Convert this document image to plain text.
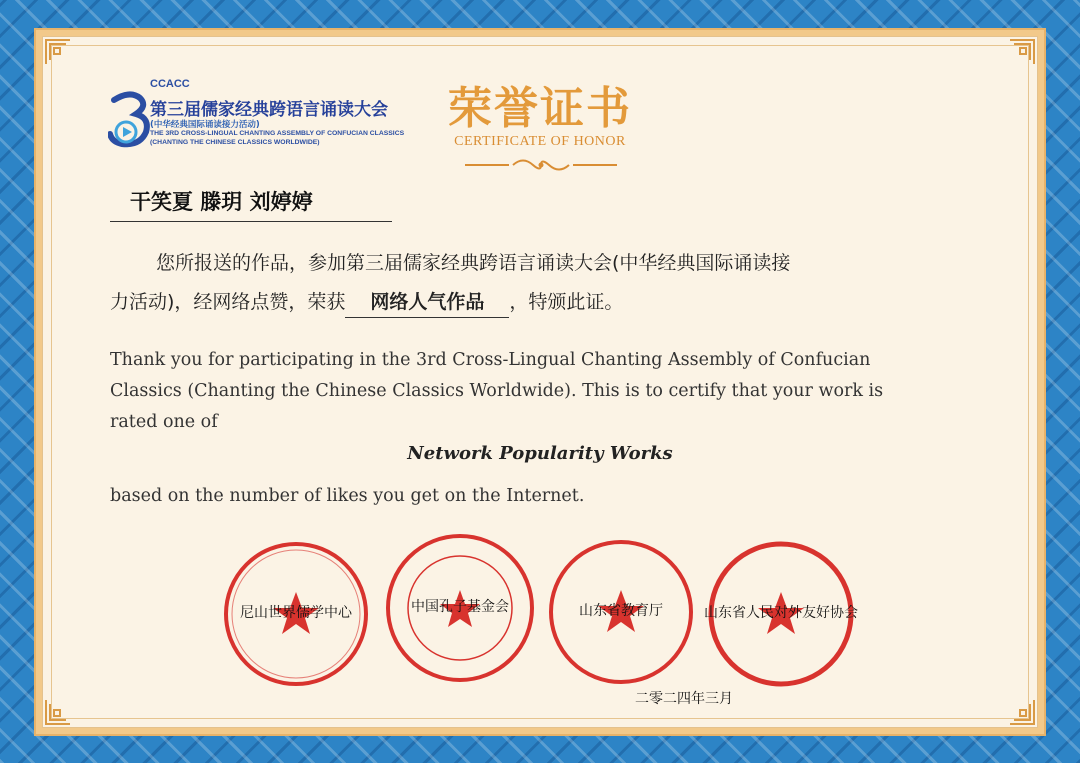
CCACC
第三届儒家经典跨语言诵读大会
(中华经典国际诵读接力活动)
THE 3RD CROSS-LINGUAL CHANTING ASSEMBLY OF CONFUCIAN CLASSICS
(CHANTING THE CHINESE CLASSICS WORLDWIDE)
荣誉证书
CERTIFICATE OF HONOR
干笑夏 滕玥 刘婷婷
您所报送的作品，参加第三届儒家经典跨语言诵读大会(中华经典国际诵读接
力活动)，经网络点赞，荣获 网络人气作品 ，特颁此证。
Thank you for participating in the 3rd Cross-Lingual Chanting Assembly of Confucian
Classics (Chanting the Chinese Classics Worldwide). This is to certify that your work is
rated one of
Network Popularity Works
based on the number of likes you get on the Internet.
尼山世界儒学中心	中国孔子基金会	山东省教育厅	山东省人民对外友好协会
二零二四年三月
